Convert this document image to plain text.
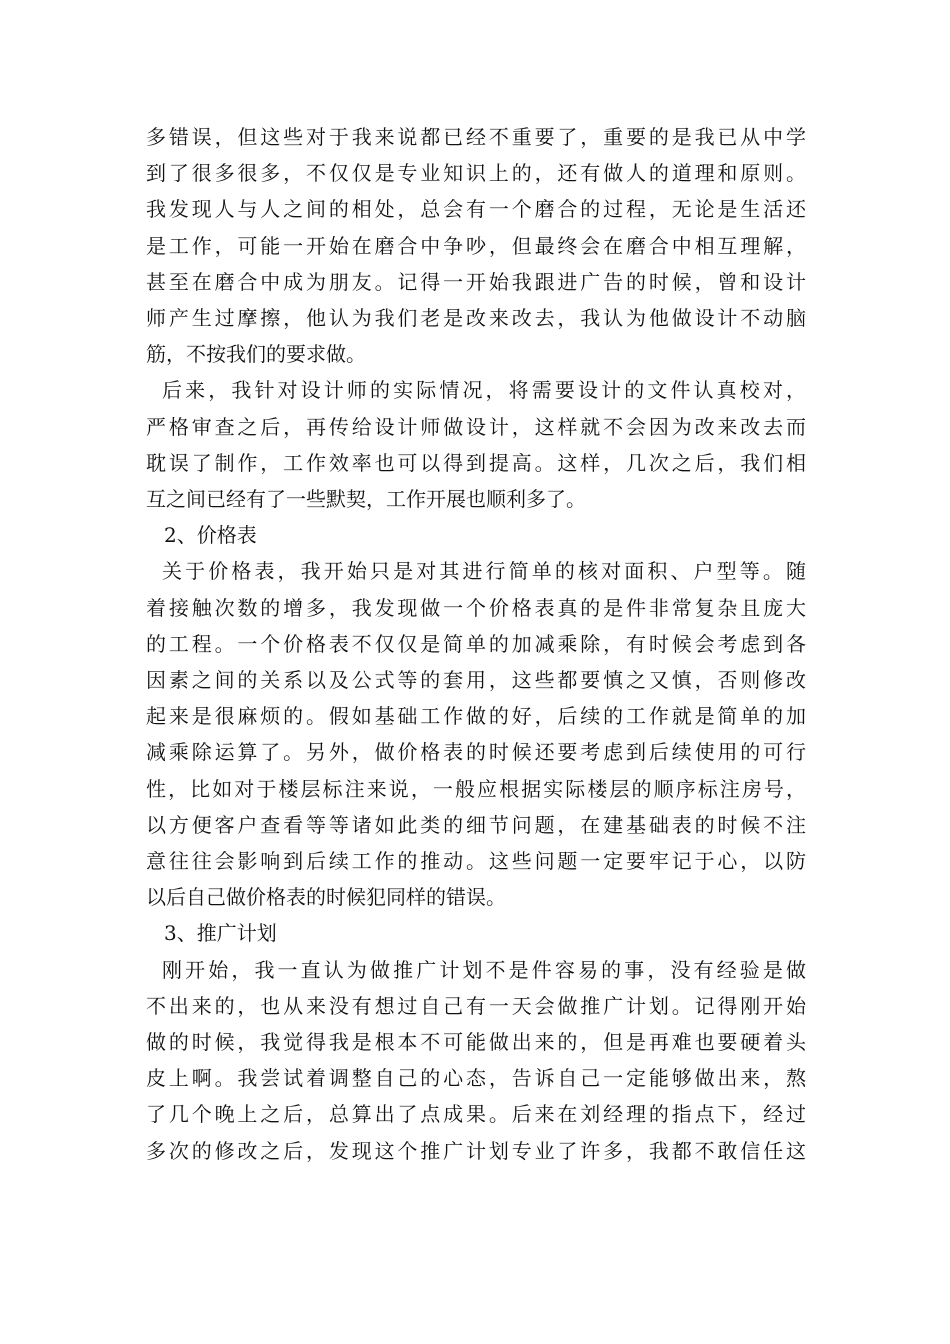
多错误，但这些对于我来说都已经不重要了，重要的是我已从中学
到了很多很多，不仅仅是专业知识上的，还有做人的道理和原则。
我发现人与人之间的相处，总会有一个磨合的过程，无论是生活还
是工作，可能一开始在磨合中争吵，但最终会在磨合中相互理解，
甚至在磨合中成为朋友。记得一开始我跟进广告的时候，曾和设计
师产生过摩擦，他认为我们老是改来改去，我认为他做设计不动脑
筋，不按我们的要求做。
后来，我针对设计师的实际情况，将需要设计的文件认真校对，
严格审查之后，再传给设计师做设计，这样就不会因为改来改去而
耽误了制作，工作效率也可以得到提高。这样，几次之后，我们相
互之间已经有了一些默契，工作开展也顺利多了。
2、价格表
关于价格表，我开始只是对其进行简单的核对面积、户型等。随
着接触次数的增多，我发现做一个价格表真的是件非常复杂且庞大
的工程。一个价格表不仅仅是简单的加减乘除，有时候会考虑到各
因素之间的关系以及公式等的套用，这些都要慎之又慎，否则修改
起来是很麻烦的。假如基础工作做的好，后续的工作就是简单的加
减乘除运算了。另外，做价格表的时候还要考虑到后续使用的可行
性，比如对于楼层标注来说，一般应根据实际楼层的顺序标注房号，
以方便客户查看等等诸如此类的细节问题，在建基础表的时候不注
意往往会影响到后续工作的推动。这些问题一定要牢记于心，以防
以后自己做价格表的时候犯同样的错误。
3、推广计划
刚开始，我一直认为做推广计划不是件容易的事，没有经验是做
不出来的，也从来没有想过自己有一天会做推广计划。记得刚开始
做的时候，我觉得我是根本不可能做出来的，但是再难也要硬着头
皮上啊。我尝试着调整自己的心态，告诉自己一定能够做出来，熬
了几个晚上之后，总算出了点成果。后来在刘经理的指点下，经过
多次的修改之后，发现这个推广计划专业了许多，我都不敢信任这
